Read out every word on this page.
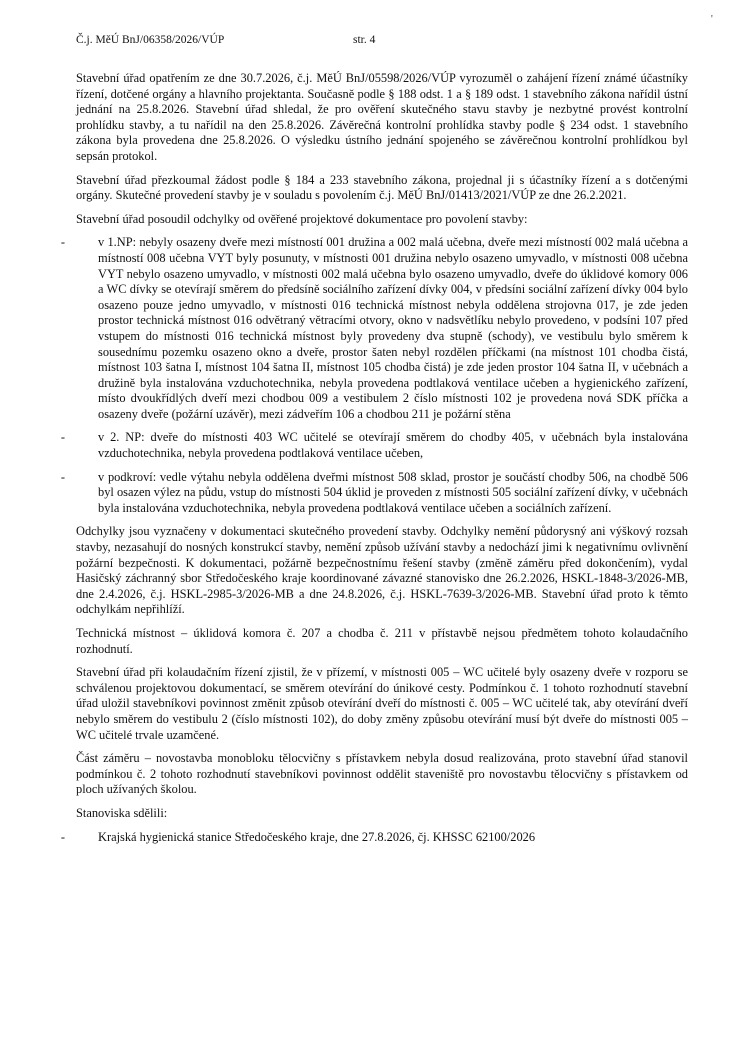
Č.j. MěÚ BnJ/06358/2026/VÚP	str. 4
'

Stavební úřad opatřením ze dne 30.7.2026, č.j. MěÚ BnJ/05598/2026/VÚP vyrozuměl o zahájení řízení známé účastníky řízení, dotčené orgány a hlavního projektanta. Současně podle § 188 odst. 1 a § 189 odst. 1 stavebního zákona nařídil ústní jednání na 25.8.2026. Stavební úřad shledal, že pro ověření skutečného stavu stavby je nezbytné provést kontrolní prohlídku stavby, a tu nařídil na den 25.8.2026. Závěrečná kontrolní prohlídka stavby podle § 234 odst. 1 stavebního zákona byla provedena dne 25.8.2026. O výsledku ústního jednání spojeného se závěrečnou kontrolní prohlídkou byl sepsán protokol.

Stavební úřad přezkoumal žádost podle § 184 a 233 stavebního zákona, projednal ji s účastníky řízení a s dotčenými orgány. Skutečné provedení stavby je v souladu s povolením č.j. MěÚ BnJ/01413/2021/VÚP ze dne 26.2.2021.

Stavební úřad posoudil odchylky od ověřené projektové dokumentace pro povolení stavby:

-	v 1.NP: nebyly osazeny dveře mezi místností 001 družina a 002 malá učebna, dveře mezi místností 002 malá učebna a místností 008 učebna VYT byly posunuty, v místnosti 001 družina nebylo osazeno umyvadlo, v místnosti 008 učebna VYT nebylo osazeno umyvadlo, v místnosti 002 malá učebna bylo osazeno umyvadlo, dveře do úklidové komory 006 a WC dívky se otevírají směrem do předsíně sociálního zařízení dívky 004, v předsíni sociální zařízení dívky 004 bylo osazeno pouze jedno umyvadlo, v místnosti 016 technická místnost nebyla oddělena strojovna 017, je zde jeden prostor technická místnost 016 odvětraný větracími otvory, okno v nadsvětlíku nebylo provedeno, v podsíni 107 před vstupem do místnosti 016 technická místnost byly provedeny dva stupně (schody), ve vestibulu bylo směrem k sousednímu pozemku osazeno okno a dveře, prostor šaten nebyl rozdělen příčkami (na místnost 101 chodba čistá, místnost 103 šatna I, místnost 104 šatna II, místnost 105 chodba čistá) je zde jeden prostor 104 šatna II, v učebnách a družině byla instalována vzduchotechnika, nebyla provedena podtlaková ventilace učeben a hygienického zařízení, místo dvoukřídlých dveří mezi chodbou 009 a vestibulem 2 číslo místnosti 102 je provedena nová SDK příčka a osazeny dveře (požární uzávěr), mezi zádveřím 106 a chodbou 211 je požární stěna
-	v 2. NP: dveře do místnosti 403 WC učitelé se otevírají směrem do chodby 405, v učebnách byla instalována vzduchotechnika, nebyla provedena podtlaková ventilace učeben,
-	v podkroví: vedle výtahu nebyla oddělena dveřmi místnost 508 sklad, prostor je součástí chodby 506, na chodbě 506 byl osazen výlez na půdu, vstup do místnosti 504 úklid je proveden z místnosti 505 sociální zařízení dívky, v učebnách byla instalována vzduchotechnika, nebyla provedena podtlaková ventilace učeben a sociálních zařízení.

Odchylky jsou vyznačeny v dokumentaci skutečného provedení stavby. Odchylky nemění půdorysný ani výškový rozsah stavby, nezasahují do nosných konstrukcí stavby, nemění způsob užívání stavby a nedochází jimi k negativnímu ovlivnění požární bezpečnosti. K dokumentaci, požárně bezpečnostnímu řešení stavby (změně záměru před dokončením), vydal Hasičský záchranný sbor Středočeského kraje koordinované závazné stanovisko dne 26.2.2026, HSKL-1848-3/2026-MB, dne 2.4.2026, č.j. HSKL-2985-3/2026-MB a dne 24.8.2026, č.j. HSKL-7639-3/2026-MB. Stavební úřad proto k těmto odchylkám nepřihlíží.

Technická místnost – úklidová komora č. 207 a chodba č. 211 v přístavbě nejsou předmětem tohoto kolaudačního rozhodnutí.

Stavební úřad při kolaudačním řízení zjistil, že v přízemí, v místnosti 005 – WC učitelé byly osazeny dveře v rozporu se schválenou projektovou dokumentací, se směrem otevírání do únikové cesty. Podmínkou č. 1 tohoto rozhodnutí stavební úřad uložil stavebníkovi povinnost změnit způsob otevírání dveří do místnosti č. 005 – WC učitelé tak, aby otevírání dveří nebylo směrem do vestibulu 2 (číslo místnosti 102), do doby změny způsobu otevírání musí být dveře do místnosti 005 – WC učitelé trvale uzamčené.

Část záměru – novostavba monobloku tělocvičny s přístavkem nebyla dosud realizována, proto stavební úřad stanovil podmínkou č. 2 tohoto rozhodnutí stavebníkovi povinnost oddělit staveniště pro novostavbu tělocvičny s přístavkem od ploch užívaných školou.

Stanoviska sdělili:

-	Krajská hygienická stanice Středočeského kraje, dne 27.8.2026, čj. KHSSC 62100/2026
